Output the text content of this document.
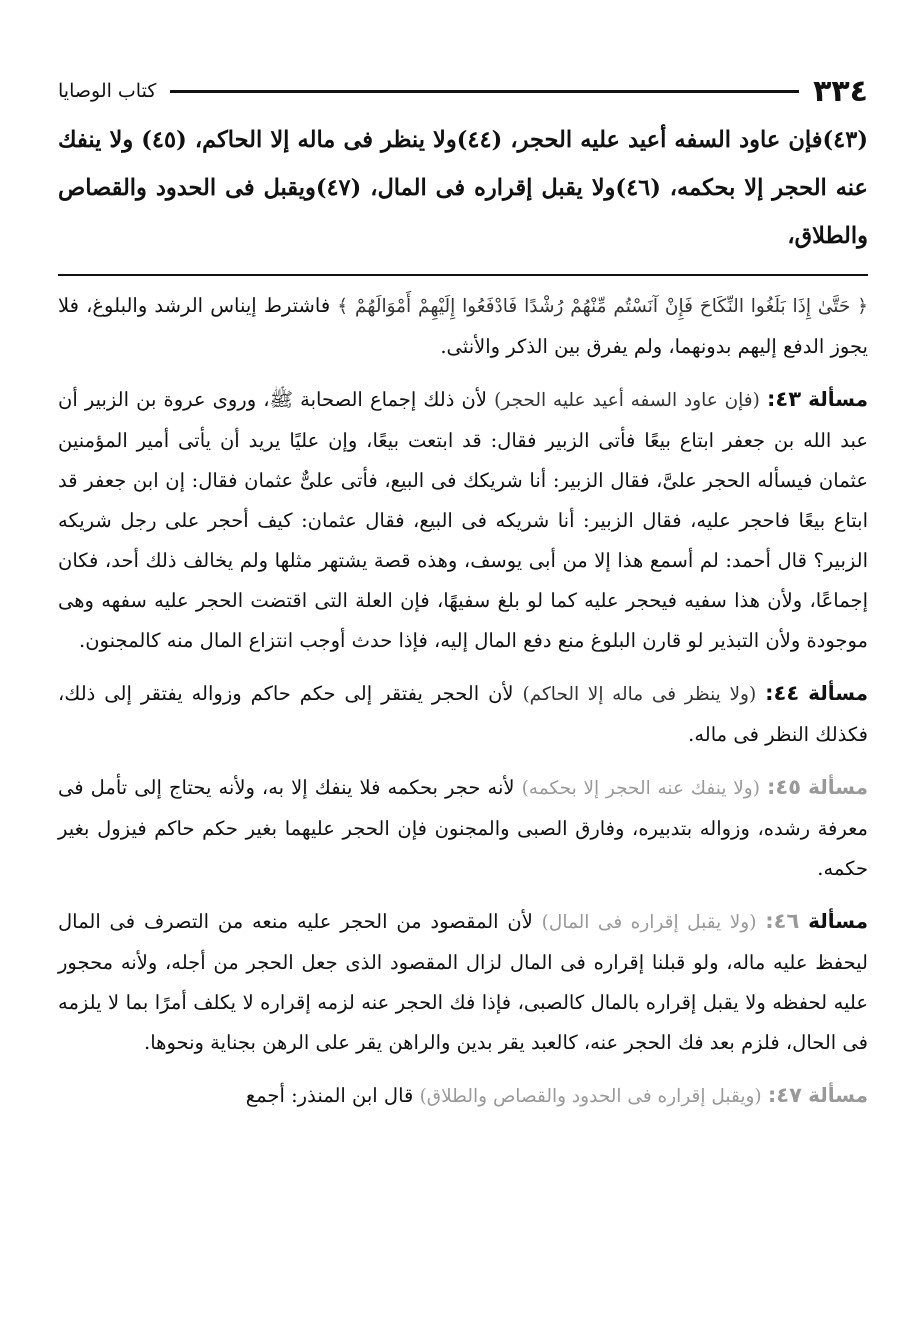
٣٣٤
كتاب الوصايا
(٤٣)فإن عاود السفه أعيد عليه الحجر، (٤٤)ولا ينظر فى ماله إلا الحاكم، (٤٥) ولا ينفك عنه الحجر إلا بحكمه، (٤٦)ولا يقبل إقراره فى المال، (٤٧)ويقبل فى الحدود والقصاص والطلاق،

﴿ حَتَّىٰ إِذَا بَلَغُوا النِّكَاحَ فَإِنْ آنَسْتُم مِّنْهُمْ رُشْدًا فَادْفَعُوا إِلَيْهِمْ أَمْوَالَهُمْ ﴾ فاشترط إيناس الرشد والبلوغ، فلا يجوز الدفع إليهم بدونهما، ولم يفرق بين الذكر والأنثى.

مسألة ٤٣: (فإن عاود السفه أعيد عليه الحجر) لأن ذلك إجماع الصحابة ﷺ، وروى عروة بن الزبير أن عبد الله بن جعفر ابتاع بيعًا فأتى الزبير فقال: قد ابتعت بيعًا، وإن عليًا يريد أن يأتى أمير المؤمنين عثمان فيسأله الحجر علىَّ، فقال الزبير: أنا شريكك فى البيع، فأتى علىٌّ عثمان فقال: إن ابن جعفر قد ابتاع بيعًا فاحجر عليه، فقال الزبير: أنا شريكه فى البيع، فقال عثمان: كيف أحجر على رجل شريكه الزبير؟ قال أحمد: لم أسمع هذا إلا من أبى يوسف، وهذه قصة يشتهر مثلها ولم يخالف ذلك أحد، فكان إجماعًا، ولأن هذا سفيه فيحجر عليه كما لو بلغ سفيهًا، فإن العلة التى اقتضت الحجر عليه سفهه وهى موجودة ولأن التبذير لو قارن البلوغ منع دفع المال إليه، فإذا حدث أوجب انتزاع المال منه كالمجنون.

مسألة ٤٤: (ولا ينظر فى ماله إلا الحاكم) لأن الحجر يفتقر إلى حكم حاكم وزواله يفتقر إلى ذلك، فكذلك النظر فى ماله.

مسألة ٤٥: (ولا ينفك عنه الحجر إلا بحكمه) لأنه حجر بحكمه فلا ينفك إلا به، ولأنه يحتاج إلى تأمل فى معرفة رشده، وزواله بتدبيره، وفارق الصبى والمجنون فإن الحجر عليهما بغير حكم حاكم فيزول بغير حكمه.

مسألة ٤٦: (ولا يقبل إقراره فى المال) لأن المقصود من الحجر عليه منعه من التصرف فى المال ليحفظ عليه ماله، ولو قبلنا إقراره فى المال لزال المقصود الذى جعل الحجر من أجله، ولأنه محجور عليه لحفظه ولا يقبل إقراره بالمال كالصبى، فإذا فك الحجر عنه لزمه إقراره لا يكلف أمرًا بما لا يلزمه فى الحال، فلزم بعد فك الحجر عنه، كالعبد يقر بدين والراهن يقر على الرهن بجناية ونحوها.

مسألة ٤٧: (ويقبل إقراره فى الحدود والقصاص والطلاق) قال ابن المنذر: أجمع
